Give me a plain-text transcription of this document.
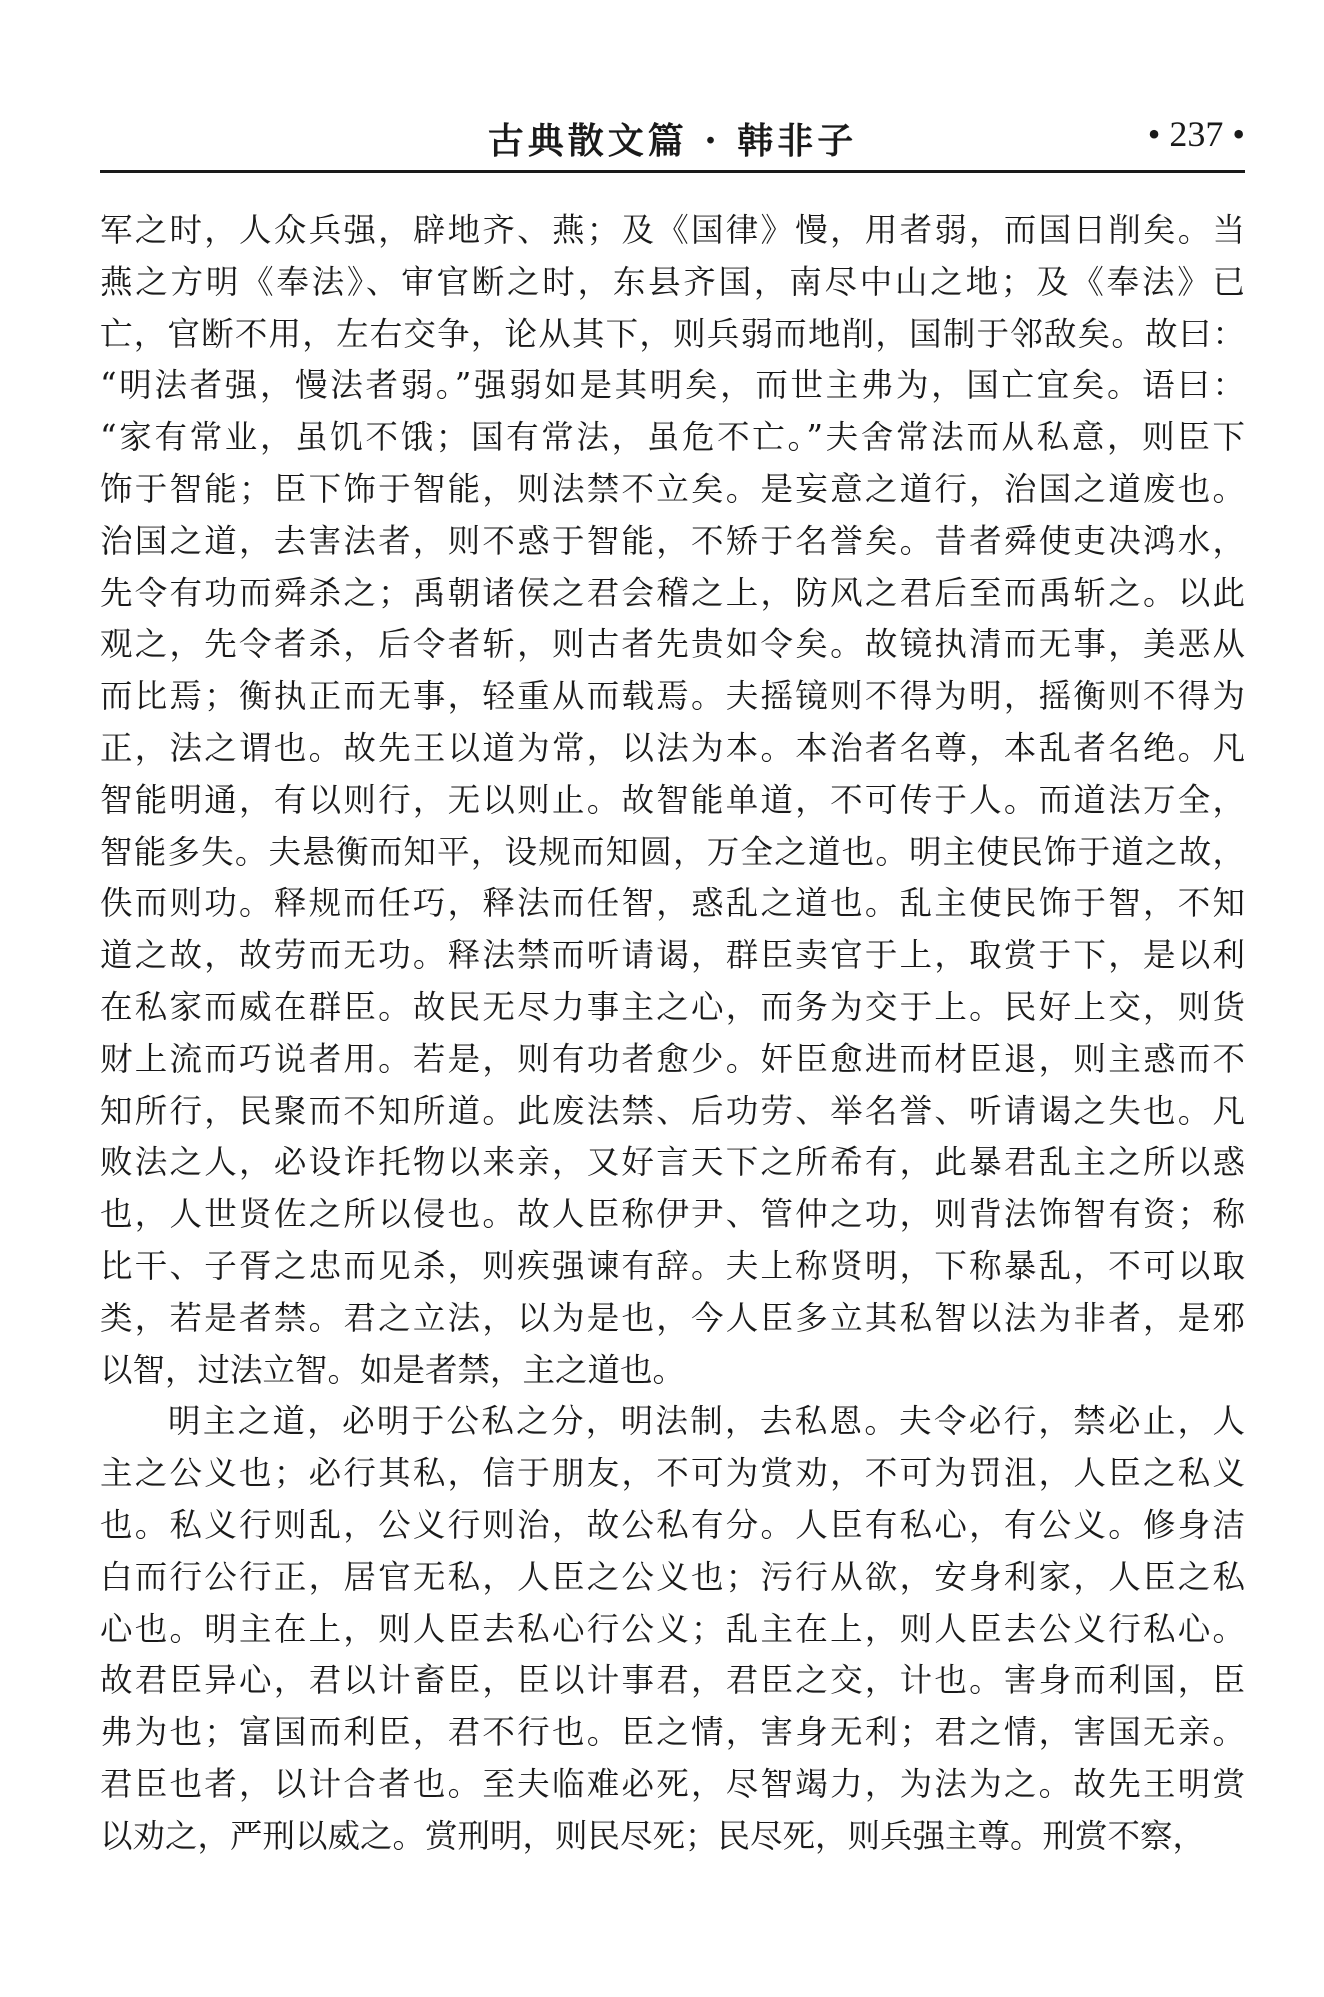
古典散文篇 · 韩非子	• 237 •
军之时，人众兵强，辟地齐、燕；及《国律》慢，用者弱，而国日削矣。当
燕之方明《奉法》、审官断之时，东县齐国，南尽中山之地；及《奉法》已
亡，官断不用，左右交争，论从其下，则兵弱而地削，国制于邻敌矣。故曰：
“明法者强，慢法者弱。”强弱如是其明矣，而世主弗为，国亡宜矣。语曰：
“家有常业，虽饥不饿；国有常法，虽危不亡。”夫舍常法而从私意，则臣下
饰于智能；臣下饰于智能，则法禁不立矣。是妄意之道行，治国之道废也。
治国之道，去害法者，则不惑于智能，不矫于名誉矣。昔者舜使吏决鸿水，
先令有功而舜杀之；禹朝诸侯之君会稽之上，防风之君后至而禹斩之。以此
观之，先令者杀，后令者斩，则古者先贵如令矣。故镜执清而无事，美恶从
而比焉；衡执正而无事，轻重从而载焉。夫摇镜则不得为明，摇衡则不得为
正，法之谓也。故先王以道为常，以法为本。本治者名尊，本乱者名绝。凡
智能明通，有以则行，无以则止。故智能单道，不可传于人。而道法万全，
智能多失。夫悬衡而知平，设规而知圆，万全之道也。明主使民饰于道之故，
佚而则功。释规而任巧，释法而任智，惑乱之道也。乱主使民饰于智，不知
道之故，故劳而无功。释法禁而听请谒，群臣卖官于上，取赏于下，是以利
在私家而威在群臣。故民无尽力事主之心，而务为交于上。民好上交，则货
财上流而巧说者用。若是，则有功者愈少。奸臣愈进而材臣退，则主惑而不
知所行，民聚而不知所道。此废法禁、后功劳、举名誉、听请谒之失也。凡
败法之人，必设诈托物以来亲，又好言天下之所希有，此暴君乱主之所以惑
也，人世贤佐之所以侵也。故人臣称伊尹、管仲之功，则背法饰智有资；称
比干、子胥之忠而见杀，则疾强谏有辞。夫上称贤明，下称暴乱，不可以取
类，若是者禁。君之立法，以为是也，今人臣多立其私智以法为非者，是邪
以智，过法立智。如是者禁，主之道也。
明主之道，必明于公私之分，明法制，去私恩。夫令必行，禁必止，人
主之公义也；必行其私，信于朋友，不可为赏劝，不可为罚沮，人臣之私义
也。私义行则乱，公义行则治，故公私有分。人臣有私心，有公义。修身洁
白而行公行正，居官无私，人臣之公义也；污行从欲，安身利家，人臣之私
心也。明主在上，则人臣去私心行公义；乱主在上，则人臣去公义行私心。
故君臣异心，君以计畜臣，臣以计事君，君臣之交，计也。害身而利国，臣
弗为也；富国而利臣，君不行也。臣之情，害身无利；君之情，害国无亲。
君臣也者，以计合者也。至夫临难必死，尽智竭力，为法为之。故先王明赏
以劝之，严刑以威之。赏刑明，则民尽死；民尽死，则兵强主尊。刑赏不察，
